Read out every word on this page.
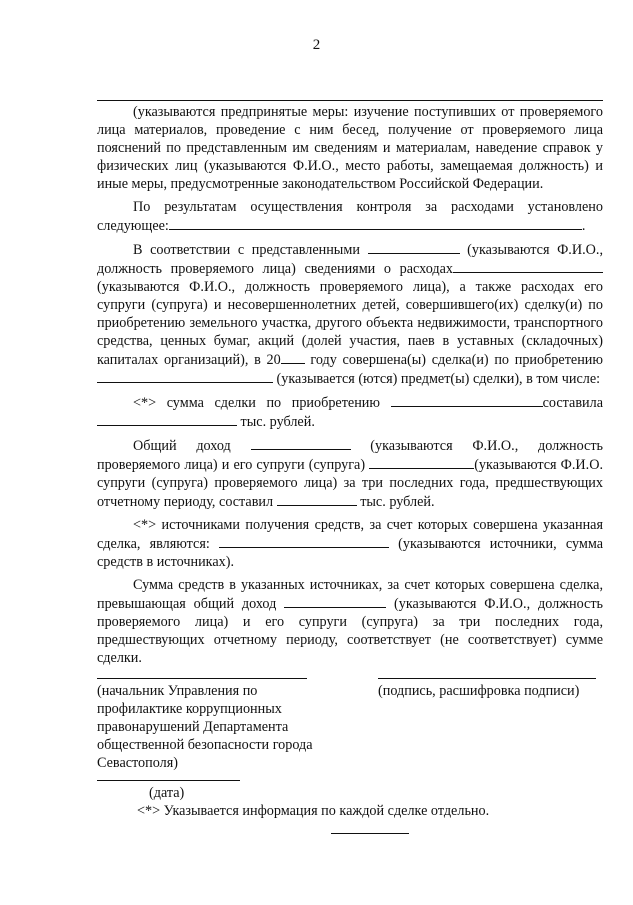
2

(указываются предпринятые меры: изучение поступивших от проверяемого лица материалов, проведение с ним бесед, получение от проверяемого лица пояснений по представленным им сведениям и материалам, наведение справок у физических лиц (указываются Ф.И.О., место работы, замещаемая должность) и иные меры, предусмотренные законодательством Российской Федерации.

По результатам осуществления контроля за расходами установлено следующее:	.

В соответствии с представленными	(указываются Ф.И.О., должность проверяемого лица) сведениями о расходах (указываются Ф.И.О., должность проверяемого лица), а также расходах его супруги (супруга) и несовершеннолетних детей, совершившего(их) сделку(и) по приобретению земельного участка, другого объекта недвижимости, транспортного средства, ценных бумаг, акций (долей участия, паев в уставных (складочных) капиталах организаций), в 20 году совершена(ы) сделка(и) по приобретению  (указывается (ются) предмет(ы) сделки), в том числе:

<*> сумма сделки по приобретению	составила  тыс. рублей.

Общий доход	(указываются Ф.И.О., должность проверяемого лица) и его супруги (супруга)	(указываются Ф.И.О. супруги (супруга) проверяемого лица) за три последних года, предшествующих отчетному периоду, составил	тыс. рублей.

<*> источниками получения средств, за счет которых совершена указанная сделка, являются:	(указываются источники, сумма средств в источниках).

Сумма средств в указанных источниках, за счет которых совершена сделка, превышающая общий доход	(указываются Ф.И.О., должность проверяемого лица) и его супруги (супруга) за три последних года, предшествующих отчетному периоду, соответствует (не соответствует) сумме сделки.

(начальник Управления по профилактике коррупционных правонарушений Департамента общественной безопасности города Севастополя)
(подпись, расшифровка подписи)
(дата)
<*> Указывается информация по каждой сделке отдельно.
